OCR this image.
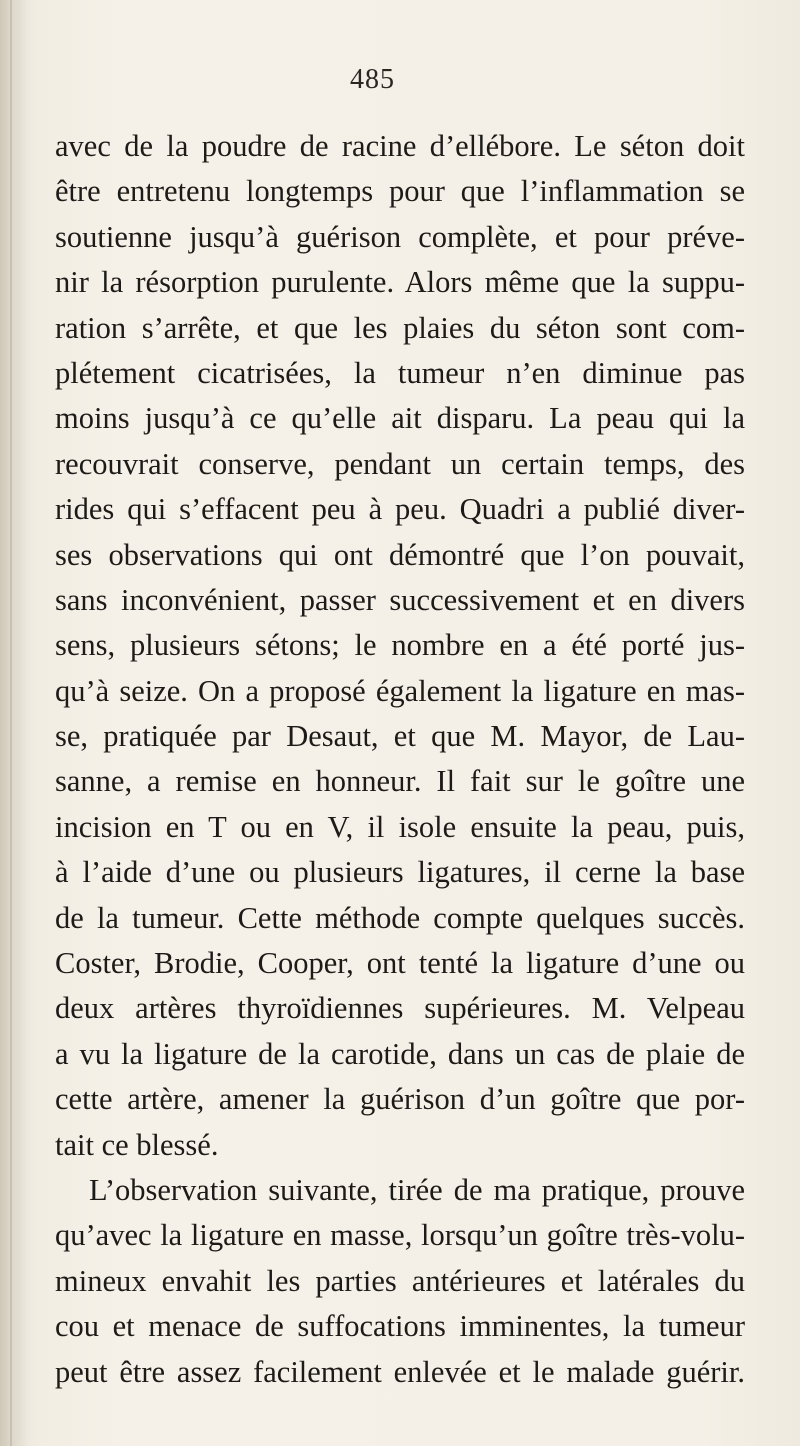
485
avec de la poudre de racine d’ellébore. Le séton doit
être entretenu longtemps pour que l’inflammation se
soutienne jusqu’à guérison complète, et pour préve-
nir la résorption purulente. Alors même que la suppu-
ration s’arrête, et que les plaies du séton sont com-
plétement cicatrisées, la tumeur n’en diminue pas
moins jusqu’à ce qu’elle ait disparu. La peau qui la
recouvrait conserve, pendant un certain temps, des
rides qui s’effacent peu à peu. Quadri a publié diver-
ses observations qui ont démontré que l’on pouvait,
sans inconvénient, passer successivement et en divers
sens, plusieurs sétons; le nombre en a été porté jus-
qu’à seize. On a proposé également la ligature en mas-
se, pratiquée par Desaut, et que M. Mayor, de Lau-
sanne, a remise en honneur. Il fait sur le goître une
incision en T ou en V, il isole ensuite la peau, puis,
à l’aide d’une ou plusieurs ligatures, il cerne la base
de la tumeur. Cette méthode compte quelques succès.
Coster, Brodie, Cooper, ont tenté la ligature d’une ou
deux artères thyroïdiennes supérieures. M. Velpeau
a vu la ligature de la carotide, dans un cas de plaie de
cette artère, amener la guérison d’un goître que por-
tait ce blessé.
L’observation suivante, tirée de ma pratique, prouve
qu’avec la ligature en masse, lorsqu’un goître très-volu-
mineux envahit les parties antérieures et latérales du
cou et menace de suffocations imminentes, la tumeur
peut être assez facilement enlevée et le malade guérir.
